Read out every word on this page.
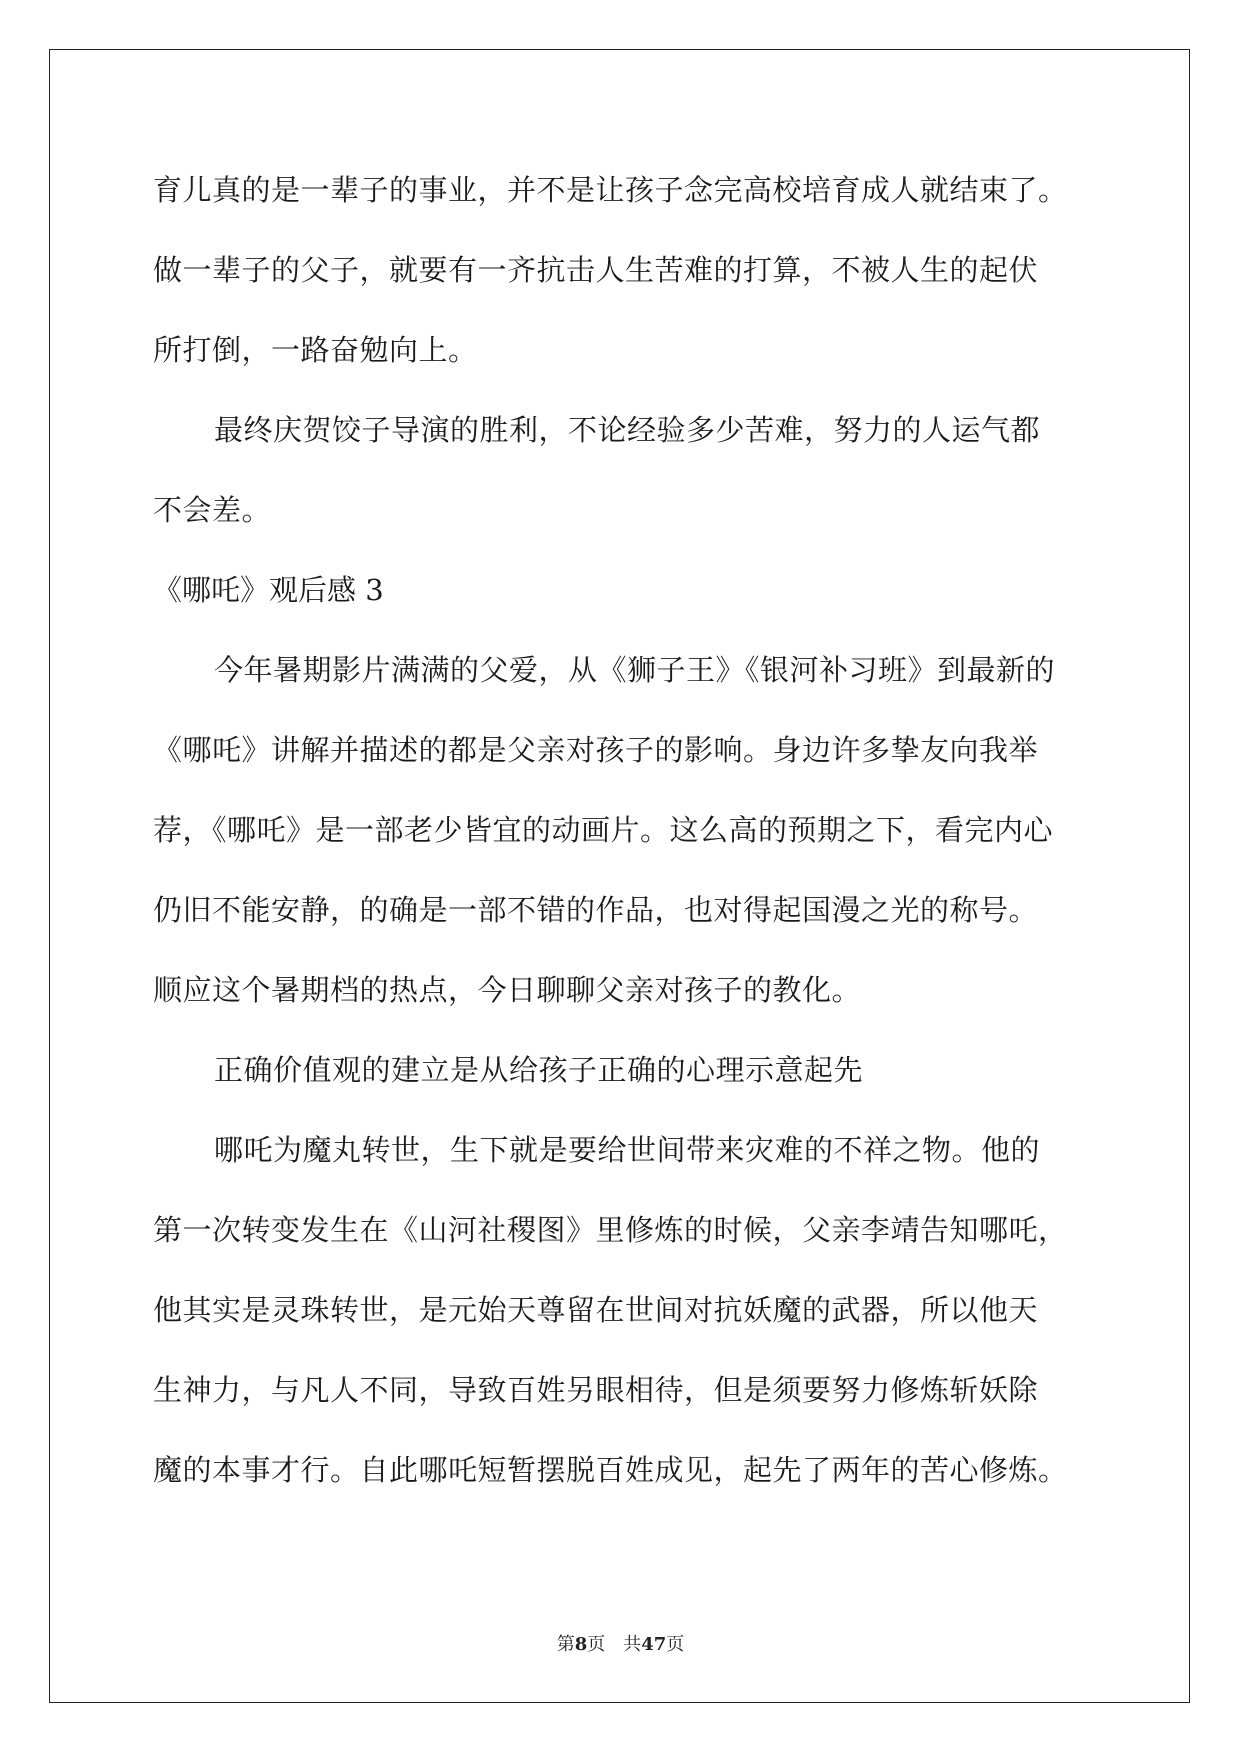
育儿真的是一辈子的事业，并不是让孩子念完高校培育成人就结束了。
做一辈子的父子，就要有一齐抗击人生苦难的打算，不被人生的起伏
所打倒，一路奋勉向上。
最终庆贺饺子导演的胜利，不论经验多少苦难，努力的人运气都
不会差。
《哪吒》观后感 3
今年暑期影片满满的父爱，从《狮子王》《银河补习班》到最新的
《哪吒》讲解并描述的都是父亲对孩子的影响。身边许多挚友向我举
荐，《哪吒》是一部老少皆宜的动画片。这么高的预期之下，看完内心
仍旧不能安静，的确是一部不错的作品，也对得起国漫之光的称号。
顺应这个暑期档的热点，今日聊聊父亲对孩子的教化。
正确价值观的建立是从给孩子正确的心理示意起先
哪吒为魔丸转世，生下就是要给世间带来灾难的不祥之物。他的
第一次转变发生在《山河社稷图》里修炼的时候，父亲李靖告知哪吒，
他其实是灵珠转世，是元始天尊留在世间对抗妖魔的武器，所以他天
生神力，与凡人不同，导致百姓另眼相待，但是须要努力修炼斩妖除
魔的本事才行。自此哪吒短暂摆脱百姓成见，起先了两年的苦心修炼。
第8页 共47页
